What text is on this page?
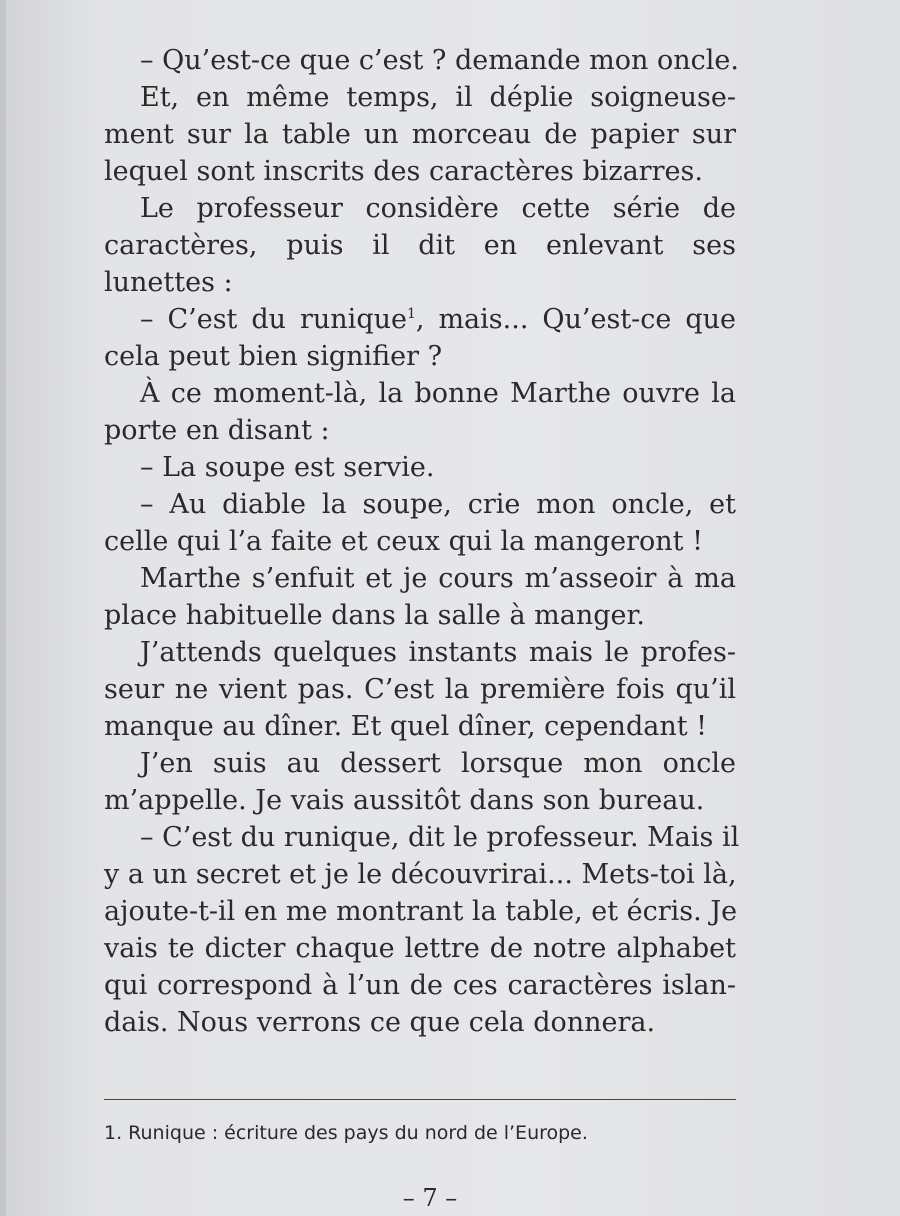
– Qu’est-ce que c’est ? demande mon oncle.
Et, en même temps, il déplie soigneuse-
ment sur la table un morceau de papier sur
lequel sont inscrits des caractères bizarres.
Le professeur considère cette série de
caractères, puis il dit en enlevant ses
lunettes :
– C’est du runique$^1$, mais... Qu’est-ce que
cela peut bien signifier ?
À ce moment-là, la bonne Marthe ouvre la
porte en disant :
– La soupe est servie.
– Au diable la soupe, crie mon oncle, et
celle qui l’a faite et ceux qui la mangeront !
Marthe s’enfuit et je cours m’asseoir à ma
place habituelle dans la salle à manger.
J’attends quelques instants mais le profes-
seur ne vient pas. C’est la première fois qu’il
manque au dîner. Et quel dîner, cependant !
J’en suis au dessert lorsque mon oncle
m’appelle. Je vais aussitôt dans son bureau.
– C’est du runique, dit le professeur. Mais il
y a un secret et je le découvrirai... Mets-toi là,
ajoute-t-il en me montrant la table, et écris. Je
vais te dicter chaque lettre de notre alphabet
qui correspond à l’un de ces caractères islan-
dais. Nous verrons ce que cela donnera.
1. Runique : écriture des pays du nord de l’Europe.
– 7 –
